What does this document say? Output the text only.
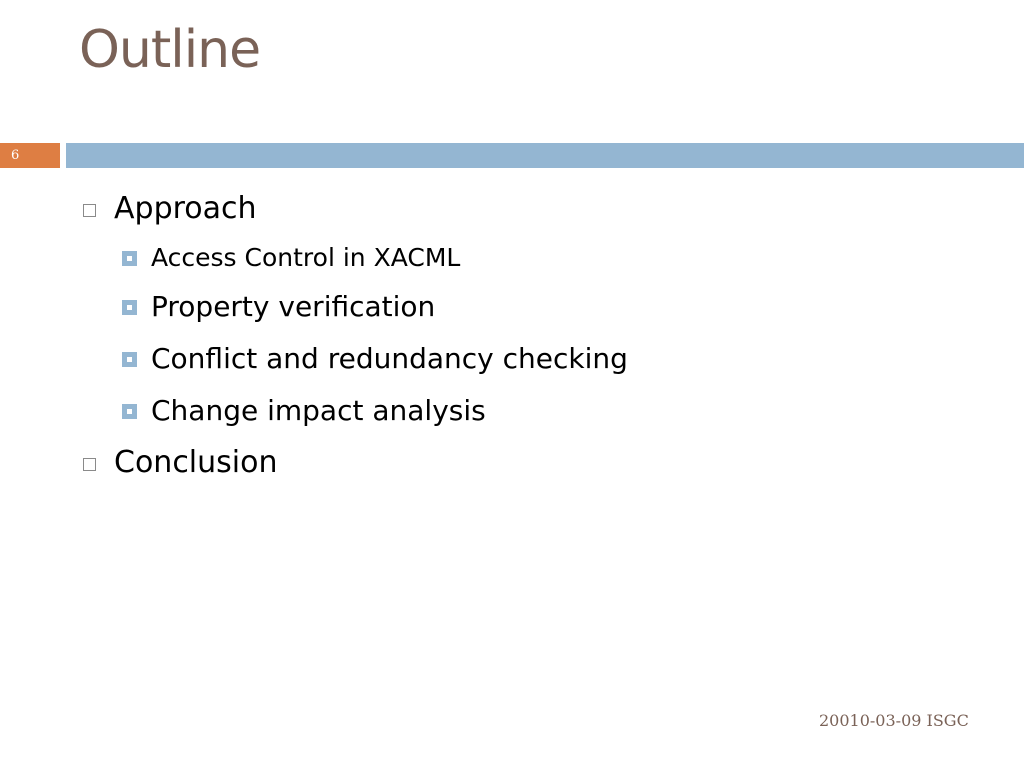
Outline
6
Approach
Access Control in XACML
Property verification
Conflict and redundancy checking
Change impact analysis
Conclusion
20010-03-09 ISGC
